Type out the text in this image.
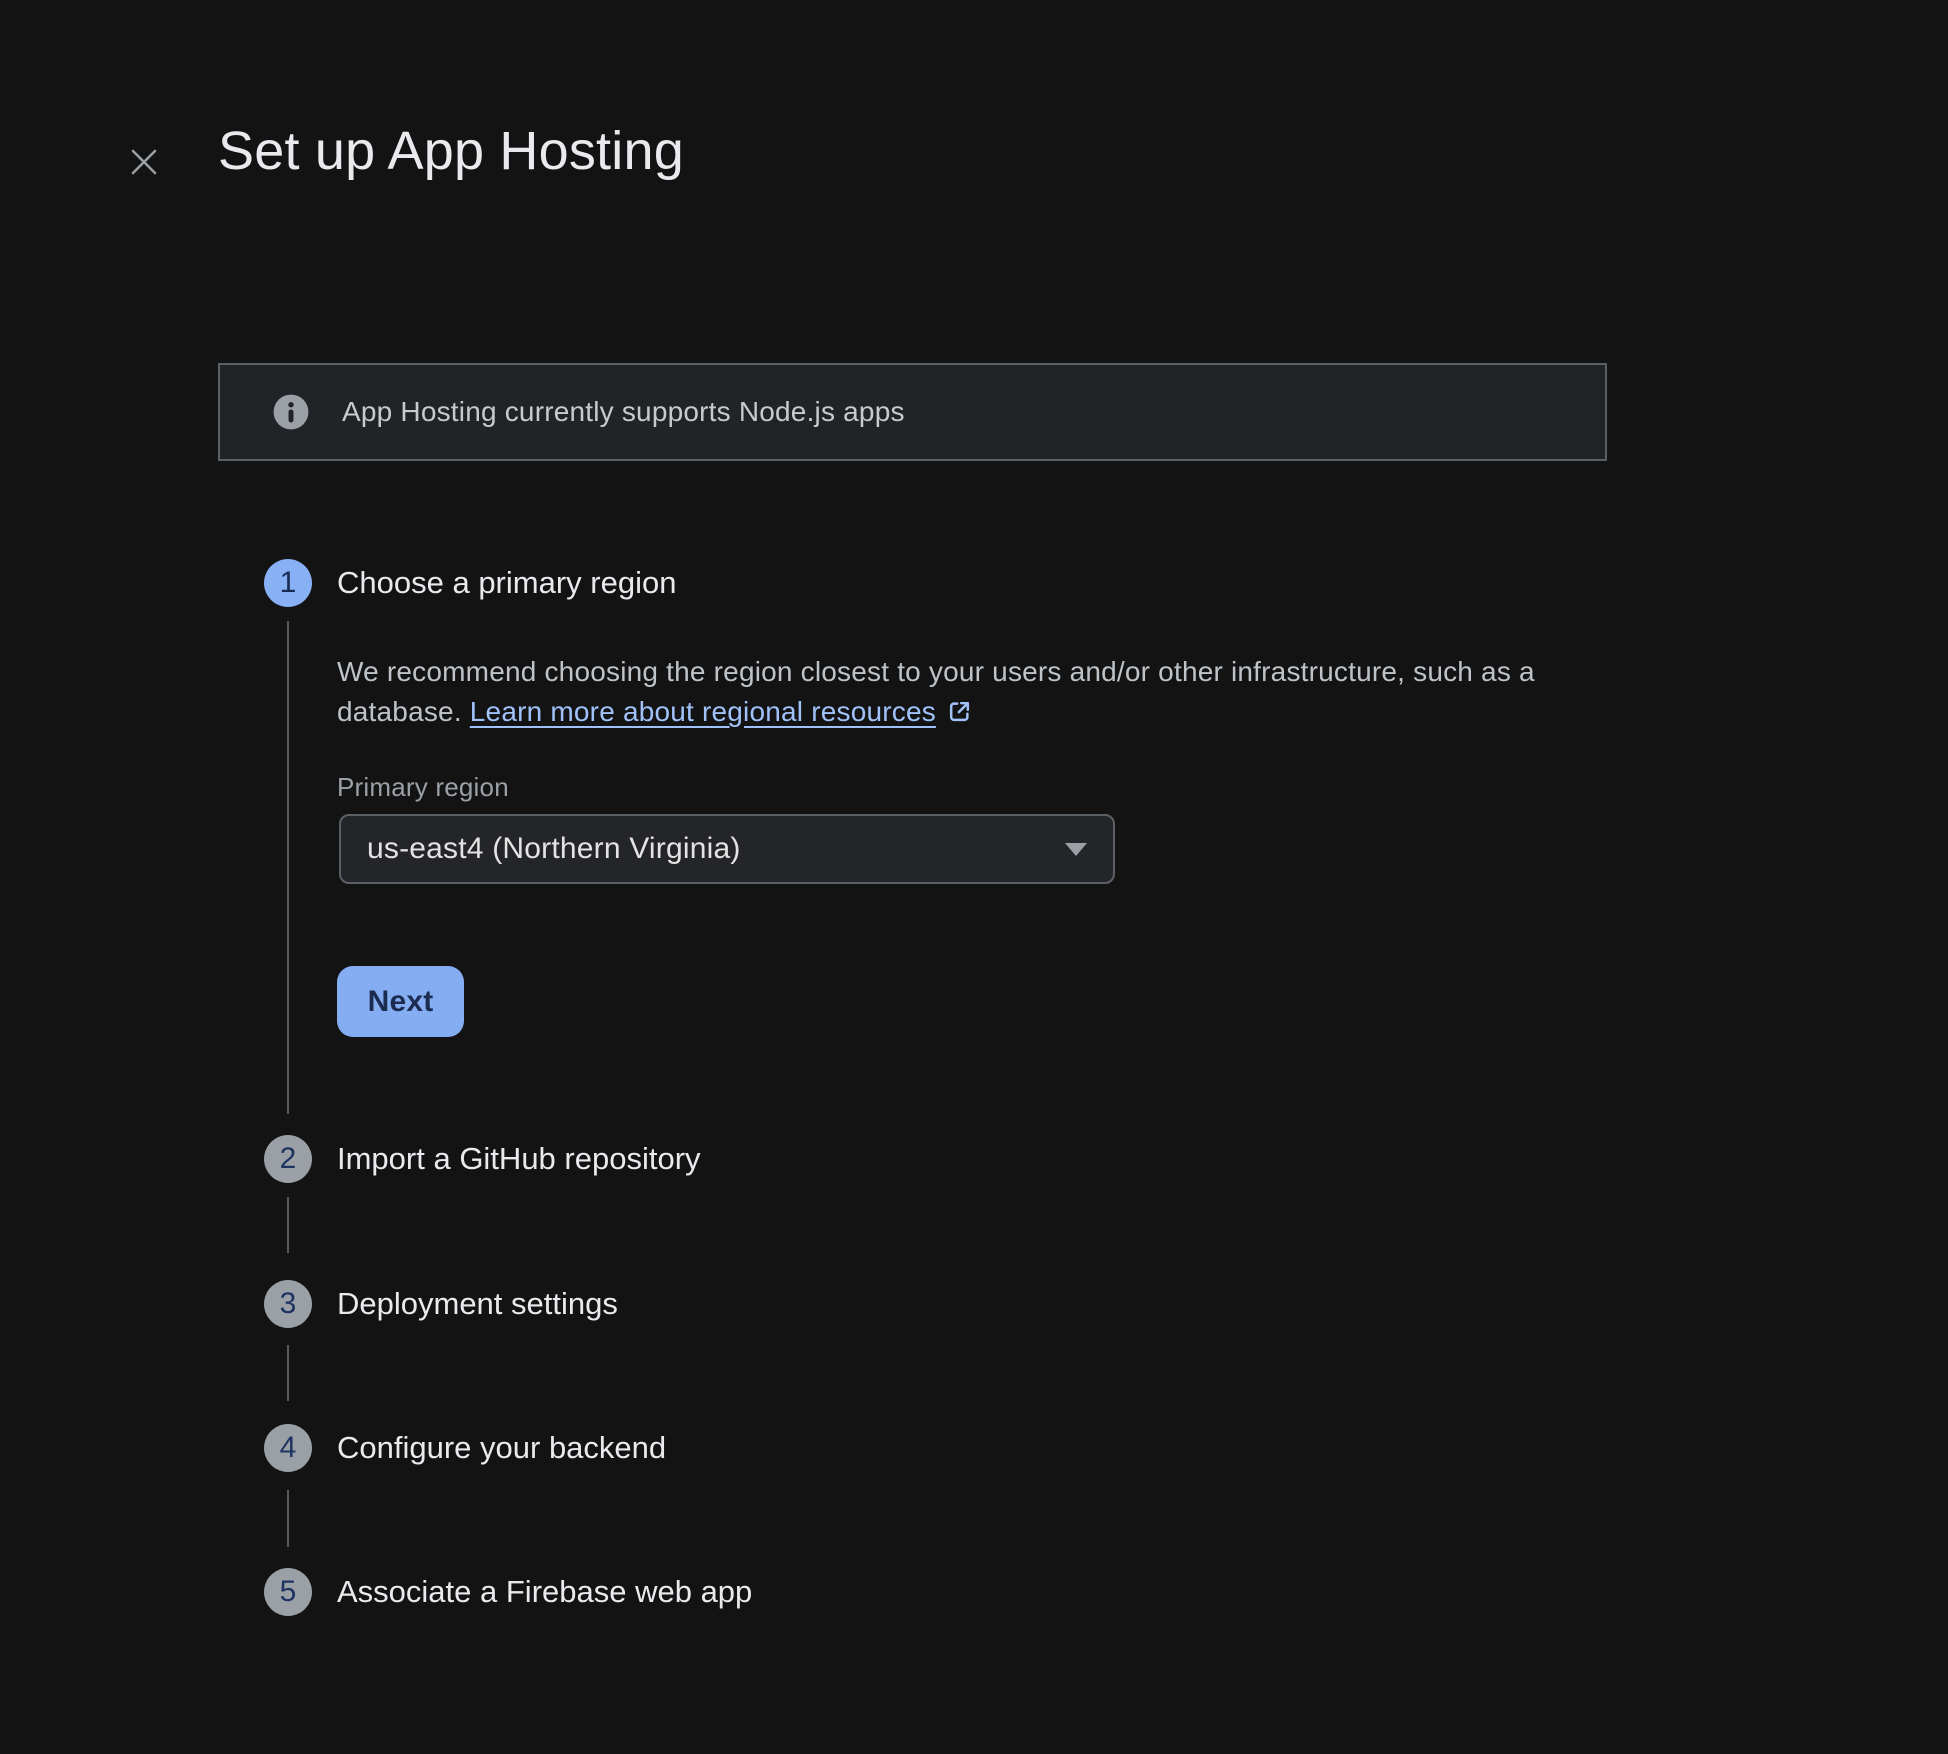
Set up App Hosting
App Hosting currently supports Node.js apps
1 Choose a primary region
We recommend choosing the region closest to your users and/or other infrastructure, such as a
database. Learn more about regional resources
Primary region
us-east4 (Northern Virginia)
Next
2 Import a GitHub repository
3 Deployment settings
4 Configure your backend
5 Associate a Firebase web app
